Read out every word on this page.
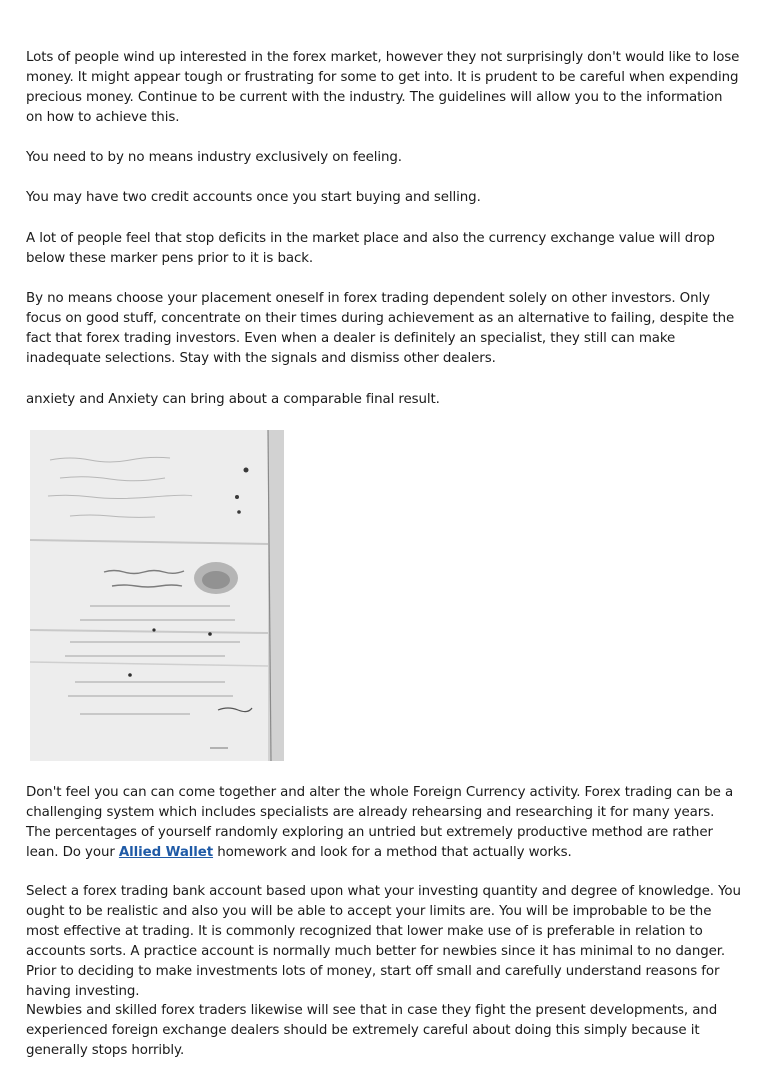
Lots of people wind up interested in the forex market, however they not surprisingly don't would like to lose money. It might appear tough or frustrating for some to get into. It is prudent to be careful when expending precious money. Continue to be current with the industry. The guidelines will allow you to the information on how to achieve this.

You need to by no means industry exclusively on feeling.

You may have two credit accounts once you start buying and selling.

A lot of people feel that stop deficits in the market place and also the currency exchange value will drop below these marker pens prior to it is back.

By no means choose your placement oneself in forex trading dependent solely on other investors. Only focus on good stuff, concentrate on their times during achievement as an alternative to failing, despite the fact that forex trading investors. Even when a dealer is definitely an specialist, they still can make inadequate selections. Stay with the signals and dismiss other dealers.

anxiety and Anxiety can bring about a comparable final result.

Don't feel you can can come together and alter the whole Foreign Currency activity. Forex trading can be a challenging system which includes specialists are already rehearsing and researching it for many years. The percentages of yourself randomly exploring an untried but extremely productive method are rather lean. Do your Allied Wallet homework and look for a method that actually works.

Select a forex trading bank account based upon what your investing quantity and degree of knowledge. You ought to be realistic and also you will be able to accept your limits are. You will be improbable to be the most effective at trading. It is commonly recognized that lower make use of is preferable in relation to accounts sorts. A practice account is normally much better for newbies since it has minimal to no danger. Prior to deciding to make investments lots of money, start off small and carefully understand reasons for having investing.

Newbies and skilled forex traders likewise will see that in case they fight the present developments, and experienced foreign exchange dealers should be extremely careful about doing this simply because it generally stops horribly.
